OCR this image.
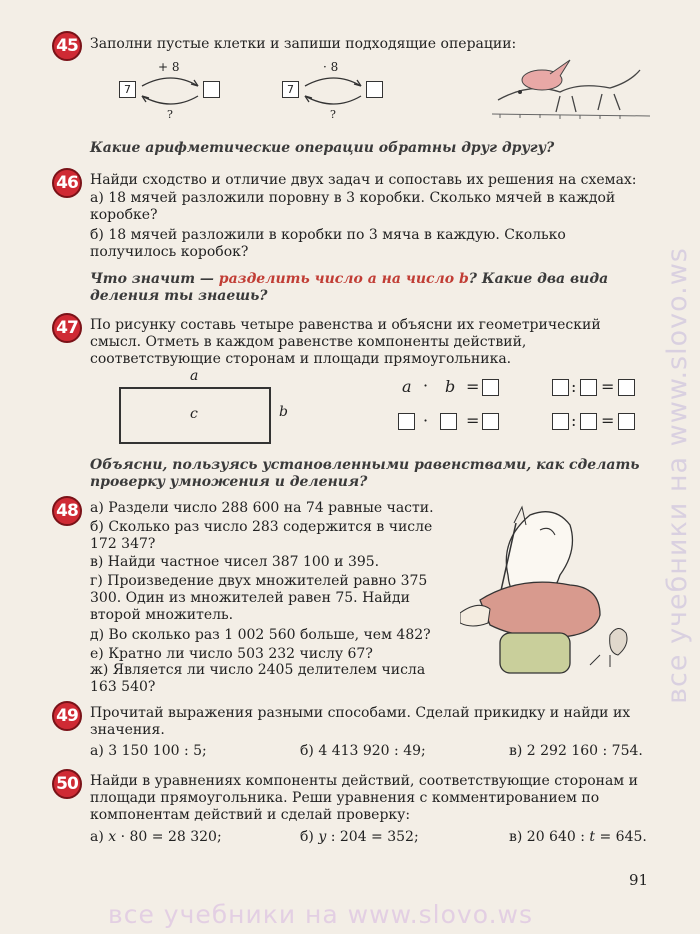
все учебники на www.slovo.ws
все учебники на www.slovo.ws
45 Заполни пустые клетки и запиши подходящие операции:
7
+ 8
?
7
· 8
?
Какие арифметические операции обратны друг другу?
46 Найди сходство и отличие двух задач и сопоставь их решения на схемах:
а) 18 мячей разложили поровну в 3 коробки. Сколько мячей в каждой коробке?
б) 18 мячей разложили в коробки по 3 мяча в каждую. Сколько получилось коробок?
Что значит — разделить число a на число b? Какие два вида деления ты знаешь?
47 По рисунку составь четыре равенства и объясни их геометрический смысл. Отметь в каждом равенстве компоненты действий, соответствующие сторонам и площади прямоугольника.
a
c	b
a · b =	: =
· =	: =
Объясни, пользуясь установленными равенствами, как сделать проверку умножения и деления?
48 а) Раздели число 288 600 на 74 равные части.
б) Сколько раз число 283 содержится в числе 172 347?
в) Найди частное чисел 387 100 и 395.
г) Произведение двух множителей равно 375 300. Один из множителей равен 75. Найди второй множитель.
д) Во сколько раз 1 002 560 больше, чем 482?
е) Кратно ли число 503 232 числу 67?
ж) Является ли число 2405 делителем числа 163 540?
49 Прочитай выражения разными способами. Сделай прикидку и найди их значения.
а) 3 150 100 : 5;	б) 4 413 920 : 49;	в) 2 292 160 : 754.
50 Найди в уравнениях компоненты действий, соответствующие сторонам и площади прямоугольника. Реши уравнения с комментированием по компонентам действий и сделай проверку:
а) x · 80 = 28 320;	б) y : 204 = 352;	в) 20 640 : t = 645.
91
